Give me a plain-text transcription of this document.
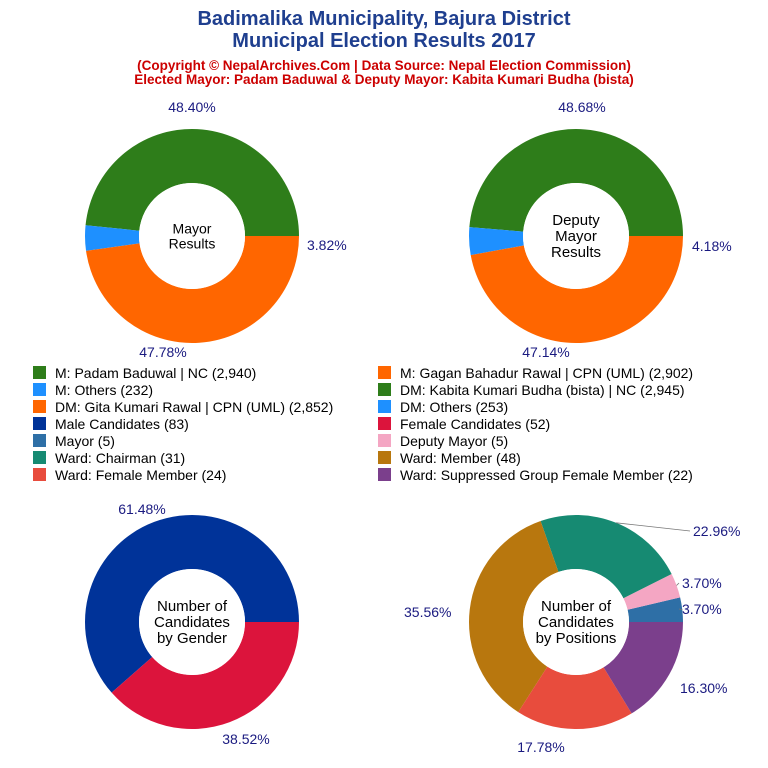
Badimalika Municipality, Bajura District
Municipal Election Results 2017
(Copyright © NepalArchives.Com | Data Source: Nepal Election Commission)
Elected Mayor: Padam Baduwal & Deputy Mayor: Kabita Kumari Budha (bista)
48.40%
3.82%
47.78%
Mayor
Results
48.68%
4.18%
47.14%
Deputy
Mayor
Results
61.48%
38.52%
Number of
Candidates
by Gender
3.70%
3.70%
22.96%
35.56%
17.78%
16.30%
Number of
Candidates
by Positions
M: Padam Baduwal | NC (2,940)	M: Gagan Bahadur Rawal | CPN (UML) (2,902)
M: Others (232)	DM: Kabita Kumari Budha (bista) | NC (2,945)
DM: Gita Kumari Rawal | CPN (UML) (2,852)	DM: Others (253)
Male Candidates (83)	Female Candidates (52)
Mayor (5)	Deputy Mayor (5)
Ward: Chairman (31)	Ward: Member (48)
Ward: Female Member (24)	Ward: Suppressed Group Female Member (22)
